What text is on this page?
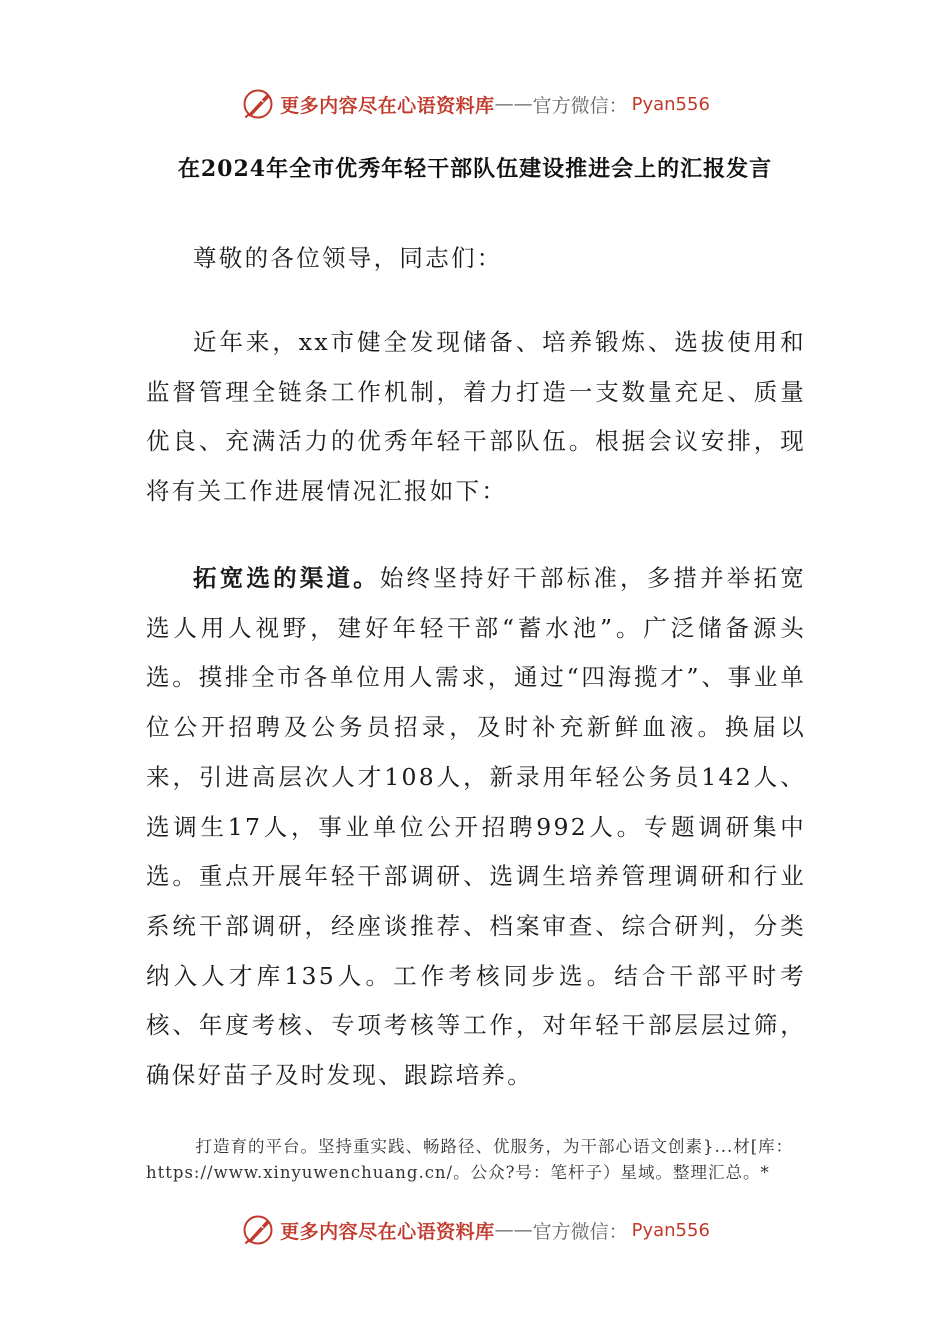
更多内容尽在心语资料库 —— 官方微信： Pyan556
在2024年全市优秀年轻干部队伍建设推进会上的汇报发言

尊敬的各位领导，同志们：

近年来，xx市健全发现储备、培养锻炼、选拔使用和监督管理全链条工作机制，着力打造一支数量充足、质量优良、充满活力的优秀年轻干部队伍。根据会议安排，现将有关工作进展情况汇报如下：

拓宽选的渠道。始终坚持好干部标准，多措并举拓宽选人用人视野，建好年轻干部“蓄水池”。广泛储备源头选。摸排全市各单位用人需求，通过“四海揽才”、事业单位公开招聘及公务员招录，及时补充新鲜血液。换届以来，引进高层次人才108人，新录用年轻公务员142人、选调生17人，事业单位公开招聘992人。专题调研集中选。重点开展年轻干部调研、选调生培养管理调研和行业系统干部调研，经座谈推荐、档案审查、综合研判，分类纳入人才库135人。工作考核同步选。结合干部平时考核、年度考核、专项考核等工作，对年轻干部层层过筛，确保好苗子及时发现、跟踪培养。

打造育的平台。坚持重实践、畅路径、优服务，为干部心语文创素}...材[库：https://www.xinyuwenchuang.cn/。公众?号：笔杆子）星域。整理汇总。*

更多内容尽在心语资料库 —— 官方微信： Pyan556
